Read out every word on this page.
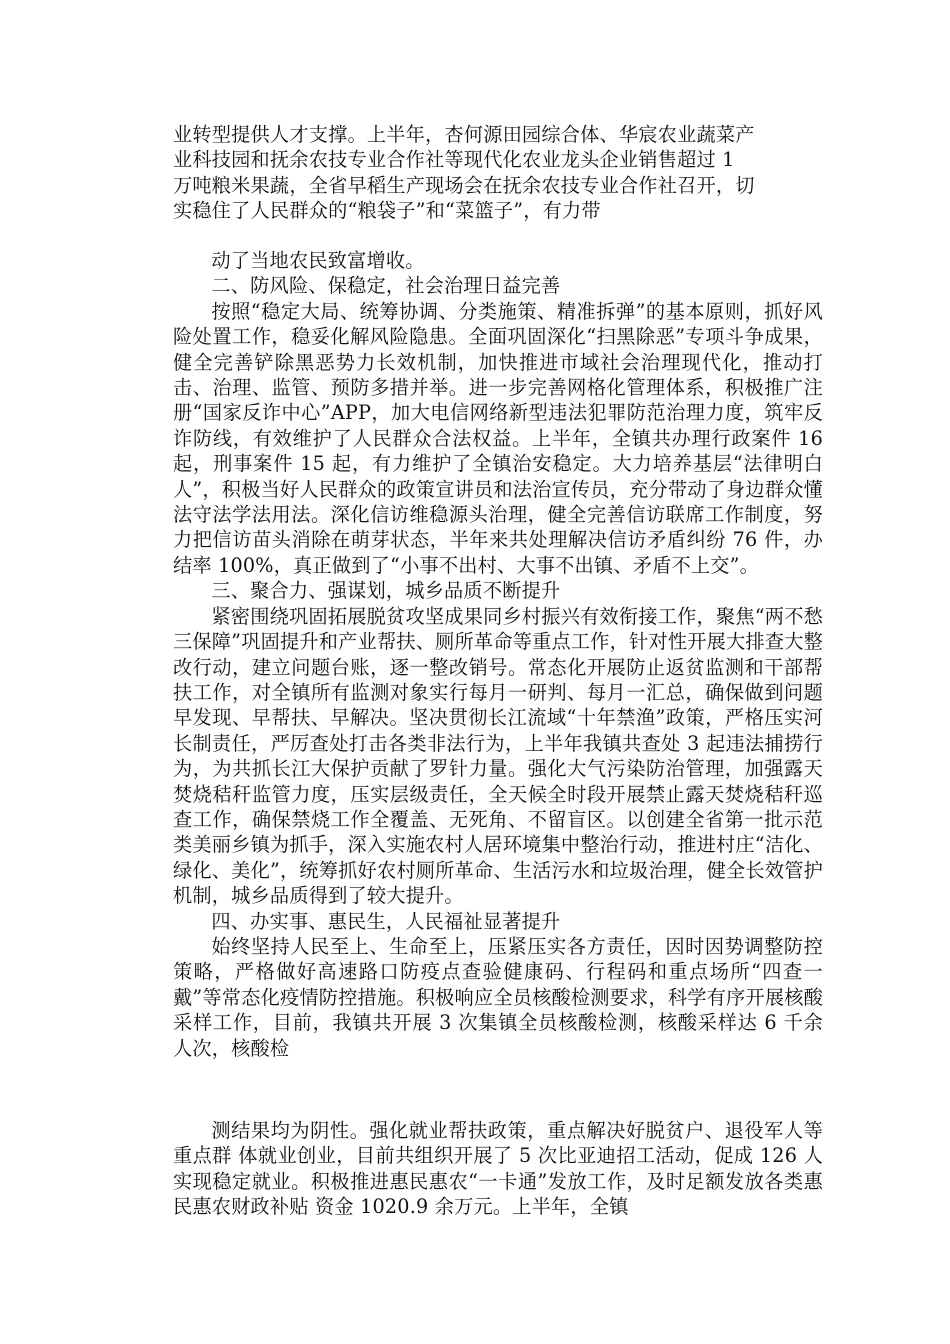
业转型提供人才支撑。上半年，杏何源田园综合体、华宸农业蔬菜产
业科技园和抚余农技专业合作社等现代化农业龙头企业销售超过 1
万吨粮米果蔬，全省早稻生产现场会在抚余农技专业合作社召开，切
实稳住了人民群众的“粮袋子”和“菜篮子”，有力带

动了当地农民致富增收。

二、防风险、保稳定，社会治理日益完善

按照“稳定大局、统筹协调、分类施策、精准拆弹”的基本原则，抓好风险处置工作，稳妥化解风险隐患。全面巩固深化“扫黑除恶”专项斗争成果，健全完善铲除黑恶势力长效机制，加快推进市域社会治理现代化，推动打击、治理、监管、预防多措并举。进一步完善网格化管理体系，积极推广注册“国家反诈中心”APP，加大电信网络新型违法犯罪防范治理力度，筑牢反诈防线，有效维护了人民群众合法权益。上半年，全镇共办理行政案件 16 起，刑事案件 15 起，有力维护了全镇治安稳定。大力培养基层“法律明白人”，积极当好人民群众的政策宣讲员和法治宣传员，充分带动了身边群众懂法守法学法用法。深化信访维稳源头治理，健全完善信访联席工作制度，努力把信访苗头消除在萌芽状态，半年来共处理解决信访矛盾纠纷 76 件，办结率 100%，真正做到了“小事不出村、大事不出镇、矛盾不上交”。

三、聚合力、强谋划，城乡品质不断提升

紧密围绕巩固拓展脱贫攻坚成果同乡村振兴有效衔接工作，聚焦“两不愁三保障”巩固提升和产业帮扶、厕所革命等重点工作，针对性开展大排查大整改行动，建立问题台账，逐一整改销号。常态化开展防止返贫监测和干部帮扶工作，对全镇所有监测对象实行每月一研判、每月一汇总，确保做到问题早发现、早帮扶、早解决。坚决贯彻长江流域“十年禁渔”政策，严格压实河长制责任，严厉查处打击各类非法行为，上半年我镇共查处 3 起违法捕捞行为，为共抓长江大保护贡献了罗针力量。强化大气污染防治管理，加强露天焚烧秸秆监管力度，压实层级责任，全天候全时段开展禁止露天焚烧秸秆巡查工作，确保禁烧工作全覆盖、无死角、不留盲区。以创建全省第一批示范类美丽乡镇为抓手，深入实施农村人居环境集中整治行动，推进村庄“洁化、绿化、美化”，统筹抓好农村厕所革命、生活污水和垃圾治理，健全长效管护机制，城乡品质得到了较大提升。

四、办实事、惠民生，人民福祉显著提升

始终坚持人民至上、生命至上，压紧压实各方责任，因时因势调整防控策略，严格做好高速路口防疫点查验健康码、行程码和重点场所“四查一戴”等常态化疫情防控措施。积极响应全员核酸检测要求，科学有序开展核酸采样工作，目前，我镇共开展 3 次集镇全员核酸检测，核酸采样达 6 千余人次，核酸检

测结果均为阴性。强化就业帮扶政策，重点解决好脱贫户、退役军人等重点群 体就业创业，目前共组织开展了 5 次比亚迪招工活动，促成 126 人实现稳定就业。积极推进惠民惠农“一卡通”发放工作，及时足额发放各类惠民惠农财政补贴 资金 1020.9 余万元。上半年，全镇
